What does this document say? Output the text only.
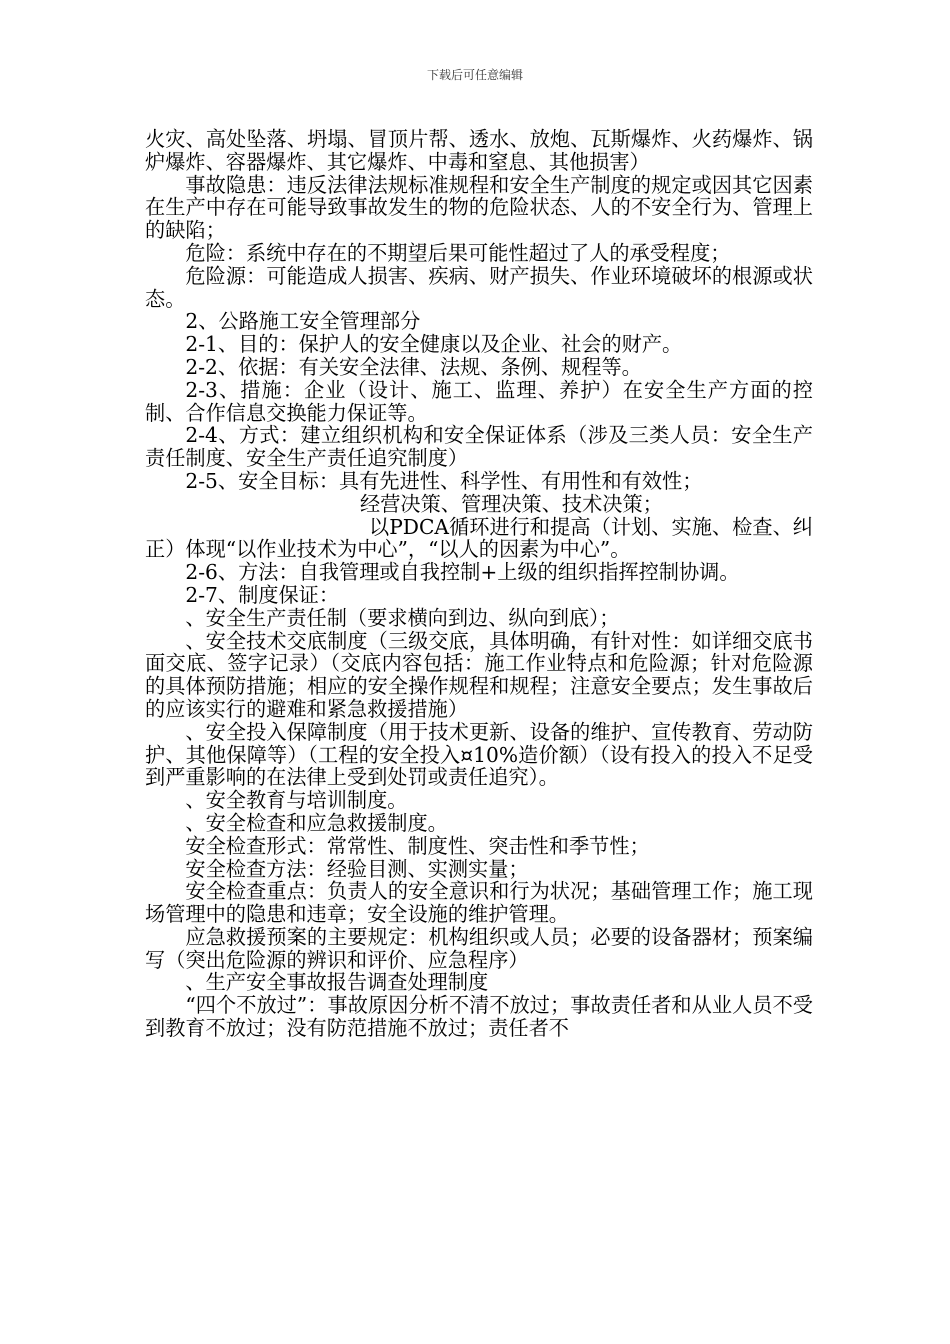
下载后可任意编辑

火灾、高处坠落、坍塌、冒顶片帮、透水、放炮、瓦斯爆炸、火药爆炸、锅炉爆炸、容器爆炸、其它爆炸、中毒和窒息、其他损害）

事故隐患：违反法律法规标准规程和安全生产制度的规定或因其它因素在生产中存在可能导致事故发生的物的危险状态、人的不安全行为、管理上的缺陷；

危险：系统中存在的不期望后果可能性超过了人的承受程度；

危险源：可能造成人损害、疾病、财产损失、作业环境破坏的根源或状态。

2、公路施工安全管理部分

2-1、目的：保护人的安全健康以及企业、社会的财产。

2-2、依据：有关安全法律、法规、条例、规程等。

2-3、措施：企业（设计、施工、监理、养护）在安全生产方面的控制、合作信息交换能力保证等。

2-4、方式：建立组织机构和安全保证体系（涉及三类人员：安全生产责任制度、安全生产责任追究制度）

2-5、安全目标：具有先进性、科学性、有用性和有效性；

经营决策、管理决策、技术决策；

以PDCA循环进行和提高（计划、实施、检查、纠正）体现“以作业技术为中心”，“以人的因素为中心”。

2-6、方法：自我管理或自我控制+上级的组织指挥控制协调。

2-7、制度保证：

、安全生产责任制（要求横向到边、纵向到底）；

、安全技术交底制度（三级交底，具体明确，有针对性：如详细交底书面交底、签字记录）（交底内容包括：施工作业特点和危险源；针对危险源的具体预防措施；相应的安全操作规程和规程；注意安全要点；发生事故后的应该实行的避难和紧急救援措施）

、安全投入保障制度（用于技术更新、设备的维护、宣传教育、劳动防护、其他保障等）（工程的安全投入¤10%造价额）（设有投入的投入不足受到严重影响的在法律上受到处罚或责任追究）。

、安全教育与培训制度。

、安全检查和应急救援制度。

安全检查形式：常常性、制度性、突击性和季节性；

安全检查方法：经验目测、实测实量；

安全检查重点：负责人的安全意识和行为状况；基础管理工作；施工现场管理中的隐患和违章；安全设施的维护管理。

应急救援预案的主要规定：机构组织或人员；必要的设备器材；预案编写（突出危险源的辨识和评价、应急程序）

、生产安全事故报告调查处理制度

“四个不放过”：事故原因分析不清不放过；事故责任者和从业人员不受到教育不放过；没有防范措施不放过；责任者不
